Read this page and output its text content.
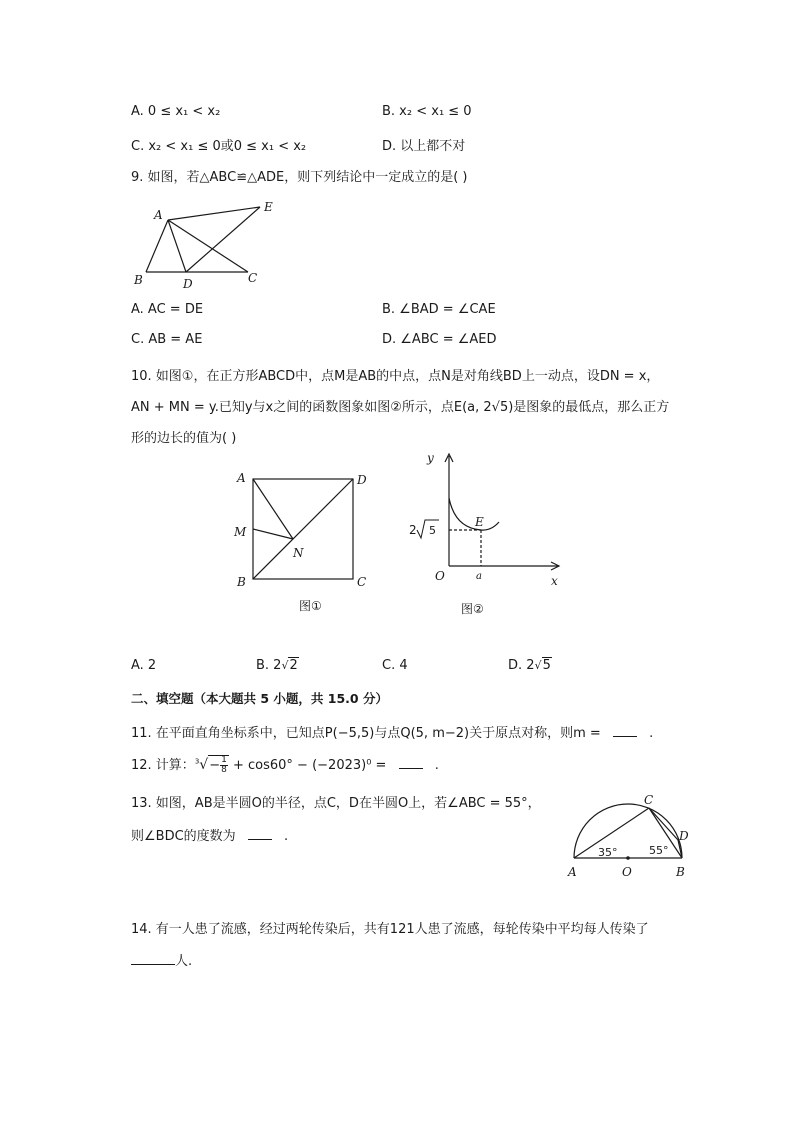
A. 0 ≤ x₁ < x₂	B. x₂ < x₁ ≤ 0
C. x₂ < x₁ ≤ 0或0 ≤ x₁ < x₂	D. 以上都不对
9. 如图，若△ABC≌△ADE，则下列结论中一定成立的是( )
A
B	C
D
E
A. AC = DE	B. ∠BAD = ∠CAE
C. AB = AE	D. ∠ABC = ∠AED
10. 如图①，在正方形ABCD中，点M是AB的中点，点N是对角线BD上一动点，设DN = x，
AN + MN = y.已知y与x之间的函数图象如图②所示，点E(a, 2√5)是图象的最低点，那么正方
形的边长的值为( )
A
B	C
D
M
N
图①
y
x
O
E
a
2 5
图②
A. 2	B. 2√2	C. 4	D. 2√5
二、填空题（本大题共 5 小题，共 15.0 分）
11. 在平面直角坐标系中，已知点P(−5,5)与点Q(5, m−2)关于原点对称，则m =	.
12. 计算：$^3√- \frac{1}{8} + \cos 60^\circ - (-2023)^0$ =	.
13. 如图，AB是半圆O的半径，点C，D在半圆O上，若∠ABC = 55°，
则∠BDC的度数为	.
A	O	B
C
D
35°	55°
14. 有一人患了流感，经过两轮传染后，共有121人患了流感，每轮传染中平均每人传染了
人.
